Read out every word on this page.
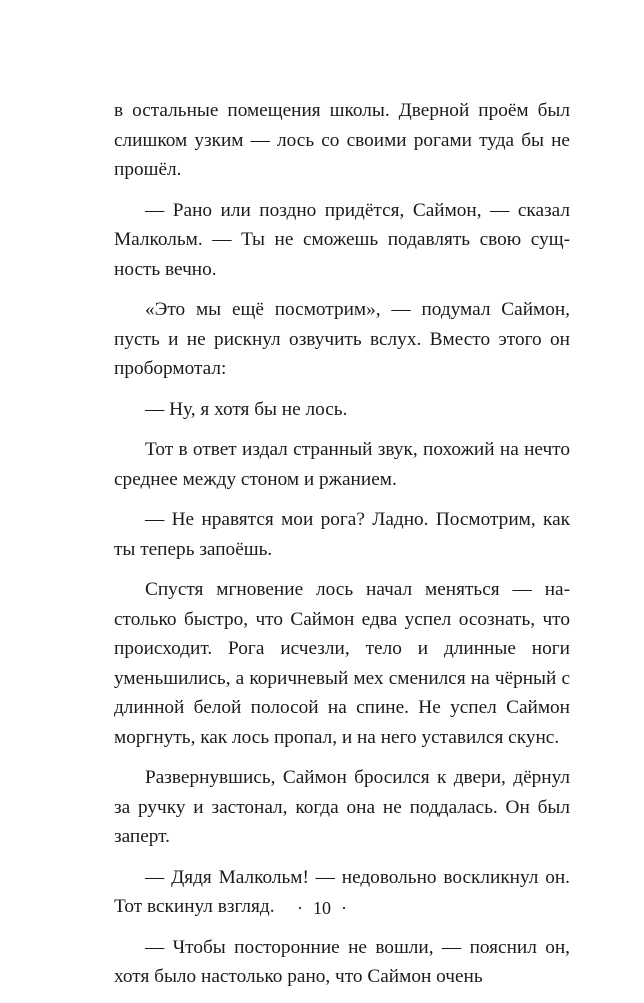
в остальные помещения школы. Дверной проём был слишком узким — лось со своими рогами туда бы не прошёл.

— Рано или поздно придётся, Саймон, — сказал Малкольм. — Ты не сможешь подавлять свою сущность вечно.

«Это мы ещё посмотрим», — подумал Саймон, пусть и не рискнул озвучить вслух. Вместо этого он пробормотал:

— Ну, я хотя бы не лось.

Тот в ответ издал странный звук, похожий на нечто среднее между стоном и ржанием.

— Не нравятся мои рога? Ладно. Посмотрим, как ты теперь запоёшь.

Спустя мгновение лось начал меняться — настолько быстро, что Саймон едва успел осознать, что происходит. Рога исчезли, тело и длинные ноги уменьшились, а коричневый мех сменился на чёрный с длинной белой полосой на спине. Не успел Саймон моргнуть, как лось пропал, и на него уставился скунс.

Развернувшись, Саймон бросился к двери, дёрнул за ручку и застонал, когда она не поддалась. Он был заперт.

— Дядя Малкольм! — недовольно воскликнул он. Тот вскинул взгляд.

— Чтобы посторонние не вошли, — пояснил он, хотя было настолько рано, что Саймон очень

· 10 ·
